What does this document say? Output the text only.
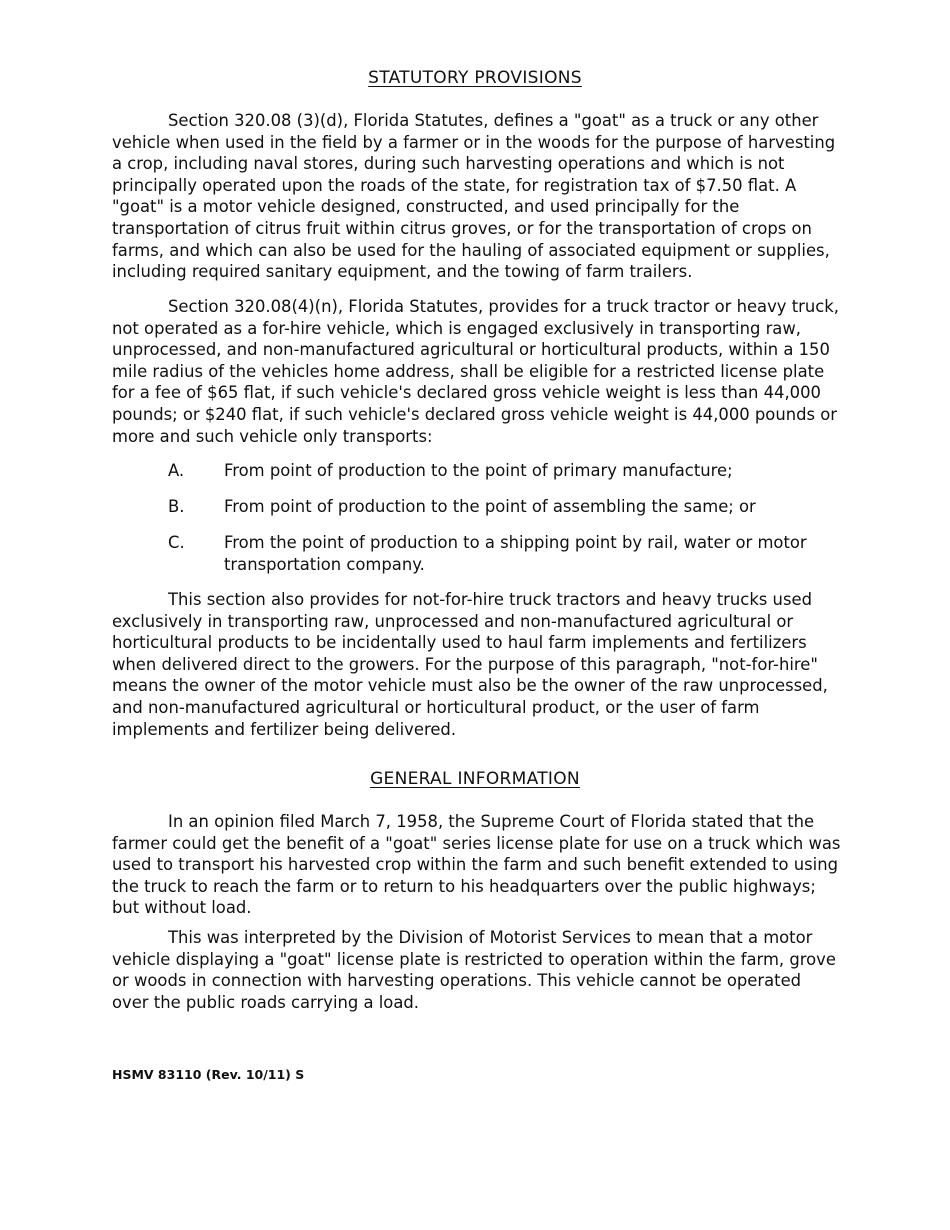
STATUTORY PROVISIONS

Section 320.08 (3)(d), Florida Statutes, defines a "goat" as a truck or any other vehicle when used in the field by a farmer or in the woods for the purpose of harvesting a crop, including naval stores, during such harvesting operations and which is not principally operated upon the roads of the state, for registration tax of $7.50 flat. A "goat" is a motor vehicle designed, constructed, and used principally for the transportation of citrus fruit within citrus groves, or for the transportation of crops on farms, and which can also be used for the hauling of associated equipment or supplies, including required sanitary equipment, and the towing of farm trailers.

Section 320.08(4)(n), Florida Statutes, provides for a truck tractor or heavy truck, not operated as a for-hire vehicle, which is engaged exclusively in transporting raw, unprocessed, and non-manufactured agricultural or horticultural products, within a 150 mile radius of the vehicles home address, shall be eligible for a restricted license plate for a fee of $65 flat, if such vehicle's declared gross vehicle weight is less than 44,000 pounds; or $240 flat, if such vehicle's declared gross vehicle weight is 44,000 pounds or more and such vehicle only transports:

A.	From point of production to the point of primary manufacture;
B.	From point of production to the point of assembling the same; or
C.	From the point of production to a shipping point by rail, water or motor transportation company.

This section also provides for not-for-hire truck tractors and heavy trucks used exclusively in transporting raw, unprocessed and non-manufactured agricultural or horticultural products to be incidentally used to haul farm implements and fertilizers when delivered direct to the growers. For the purpose of this paragraph, "not-for-hire" means the owner of the motor vehicle must also be the owner of the raw unprocessed, and non-manufactured agricultural or horticultural product, or the user of farm implements and fertilizer being delivered.

GENERAL INFORMATION

In an opinion filed March 7, 1958, the Supreme Court of Florida stated that the farmer could get the benefit of a "goat" series license plate for use on a truck which was used to transport his harvested crop within the farm and such benefit extended to using the truck to reach the farm or to return to his headquarters over the public highways; but without load.

This was interpreted by the Division of Motorist Services to mean that a motor vehicle displaying a "goat" license plate is restricted to operation within the farm, grove or woods in connection with harvesting operations. This vehicle cannot be operated over the public roads carrying a load.

HSMV 83110 (Rev. 10/11) S
